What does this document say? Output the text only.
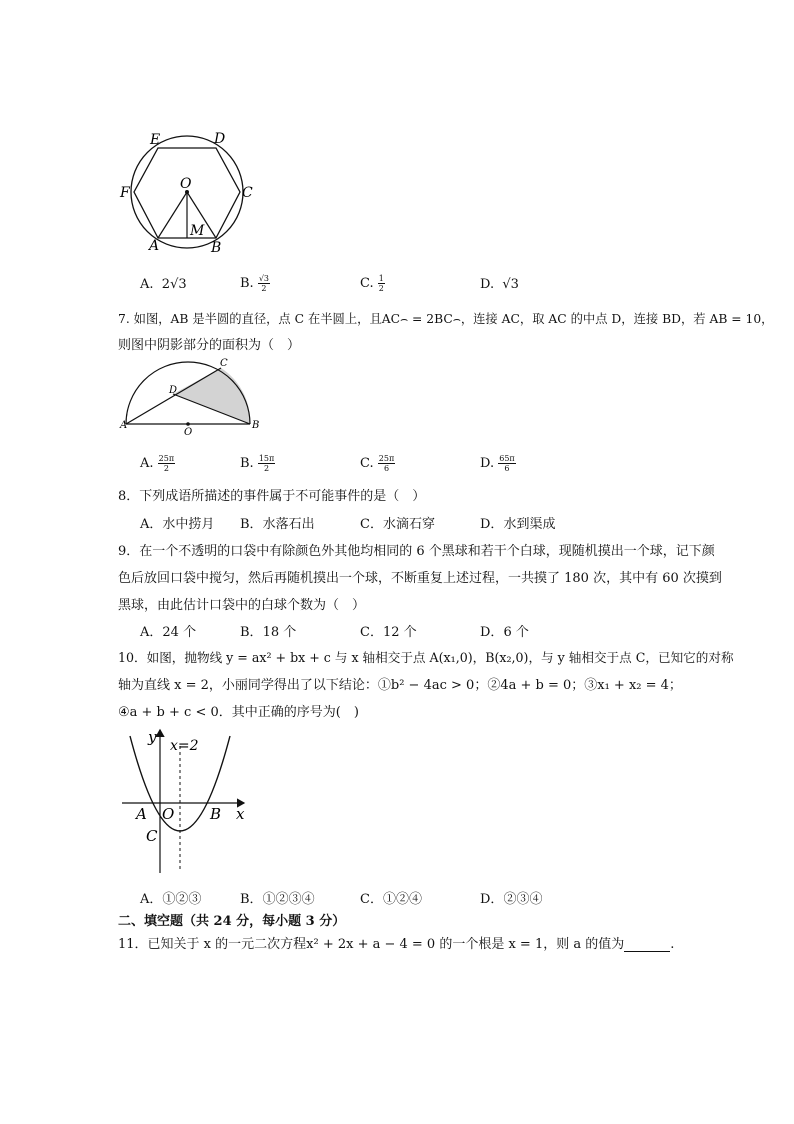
E	D
F
O
C
A
M
B
A. 2√3	B. $\frac{√3}{2}$	C. $\frac{1}{2}$	D. √3
7. 如图，AB 是半圆的直径，点 C 在半圆上，且AC⌢ = 2BC⌢，连接 AC，取 AC 的中点 D，连接 BD，若 AB = 10，
则图中阴影部分的面积为（　）
C
D
A	B
O
A. $\frac{25\pi}{2}$	B. $\frac{15\pi}{2}$	C. $\frac{25\pi}{6}$	D. $\frac{65\pi}{6}$
8．下列成语所描述的事件属于不可能事件的是（　）
A．水中捞月 B．水落石出	C．水滴石穿	D．水到渠成
9．在一个不透明的口袋中有除颜色外其他均相同的 6 个黑球和若干个白球，现随机摸出一个球，记下颜
色后放回口袋中搅匀，然后再随机摸出一个球，不断重复上述过程，一共摸了 180 次，其中有 60 次摸到
黑球，由此估计口袋中的白球个数为（　）
A．24 个	B．18 个	C．12 个	D．6 个
10．如图，抛物线 y = ax² + bx + c 与 x 轴相交于点 A(x₁,0)，B(x₂,0)，与 y 轴相交于点 C，已知它的对称
轴为直线 x = 2，小丽同学得出了以下结论：①b² − 4ac > 0；②4a + b = 0；③x₁ + x₂ = 4；
④a + b + c < 0．其中正确的序号为(　)
y x=2
A O B x
C
A．①②③	B．①②③④	C．①②④	D．②③④
二、填空题（共 24 分，每小题 3 分）
11．已知关于 x 的一元二次方程x² + 2x + a − 4 = 0 的一个根是 x = 1，则 a 的值为	.
